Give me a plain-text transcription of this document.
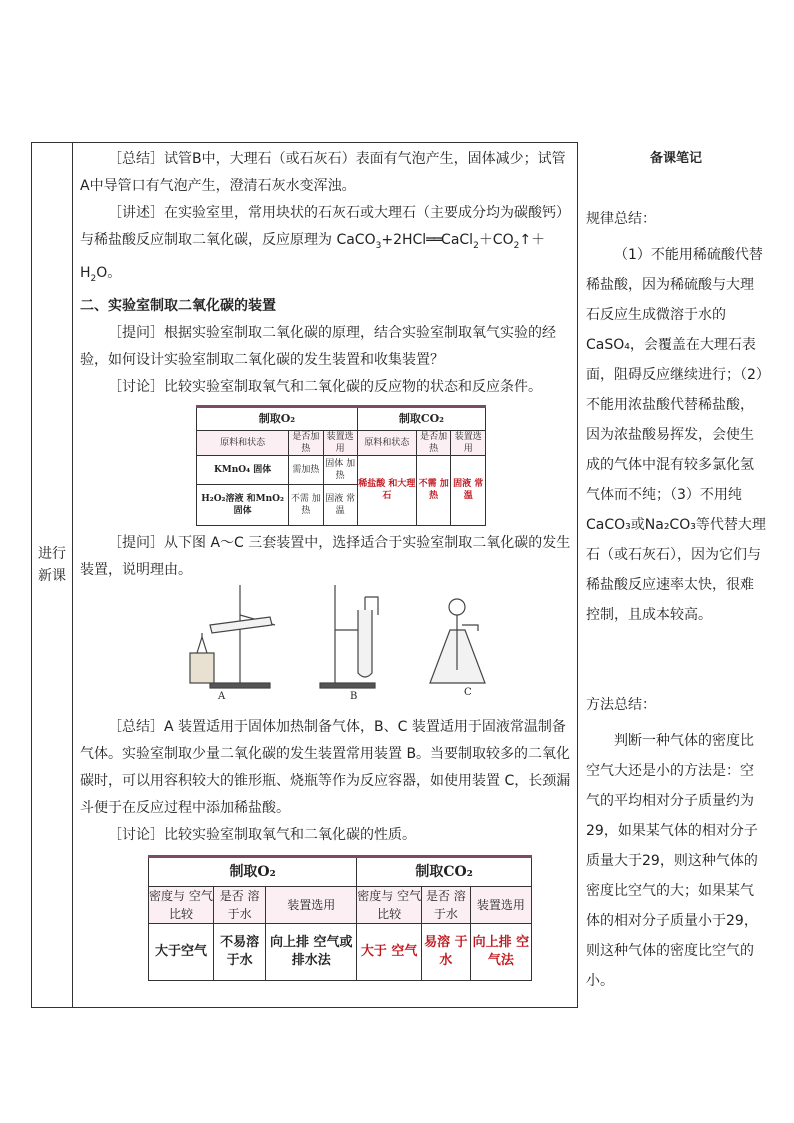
进行
新课

［总结］试管B中，大理石（或石灰石）表面有气泡产生，固体减少；试管A中导管口有气泡产生，澄清石灰水变浑浊。

［讲述］在实验室里，常用块状的石灰石或大理石（主要成分均为碳酸钙）与稀盐酸反应制取二氧化碳，反应原理为 $CaCO_3+2HCl══CaCl_2+CO_2↑+ H_2O$。

二、实验室制取二氧化碳的装置

［提问］根据实验室制取二氧化碳的原理，结合实验室制取氧气实验的经验，如何设计实验室制取二氧化碳的发生装置和收集装置？

［讨论］比较实验室制取氧气和二氧化碳的反应物的状态和反应条件。

制取O₂			制取CO₂		
原料和状态	是否加热	装置选用	原料和状态	是否加热	装置选用
KMnO₄ 固体	需加热	固体 加热	稀盐酸 和大理 石	不需 加热	固液 常温
H₂O₂溶液 和MnO₂ 固体	不需 加热	固液 常温			

［提问］从下图 A～C 三套装置中，选择适合于实验室制取二氧化碳的发生装置，说明理由。

［总结］A 装置适用于固体加热制备气体，B、C 装置适用于固液常温制备气体。实验室制取少量二氧化碳的发生装置常用装置 B。当要制取较多的二氧化碳时，可以用容积较大的锥形瓶、烧瓶等作为反应容器，如使用装置 C，长颈漏斗便于在反应过程中添加稀盐酸。

［讨论］比较实验室制取氧气和二氧化碳的性质。

制取O₂			制取CO₂		
密度与 空气比较	是否 溶于水	装置选用	密度与 空气比较	是否 溶于水	装置选用
大于空气	不易溶 于水	向上排 空气或 排水法	大于 空气	易溶 于水	向上排 空气法
A	B	C
备课笔记
规律总结：
（1）不能用稀硫酸代替稀盐酸，因为稀硫酸与大理石反应生成微溶于水的CaSO₄，会覆盖在大理石表面，阻碍反应继续进行；（2）不能用浓盐酸代替稀盐酸，因为浓盐酸易挥发，会使生成的气体中混有较多氯化氢气体而不纯；（3）不用纯CaCO₃或Na₂CO₃等代替大理石（或石灰石），因为它们与稀盐酸反应速率太快，很难控制，且成本较高。
方法总结：
判断一种气体的密度比空气大还是小的方法是：空气的平均相对分子质量约为29，如果某气体的相对分子质量大于29，则这种气体的密度比空气的大；如果某气体的相对分子质量小于29，则这种气体的密度比空气的小。
